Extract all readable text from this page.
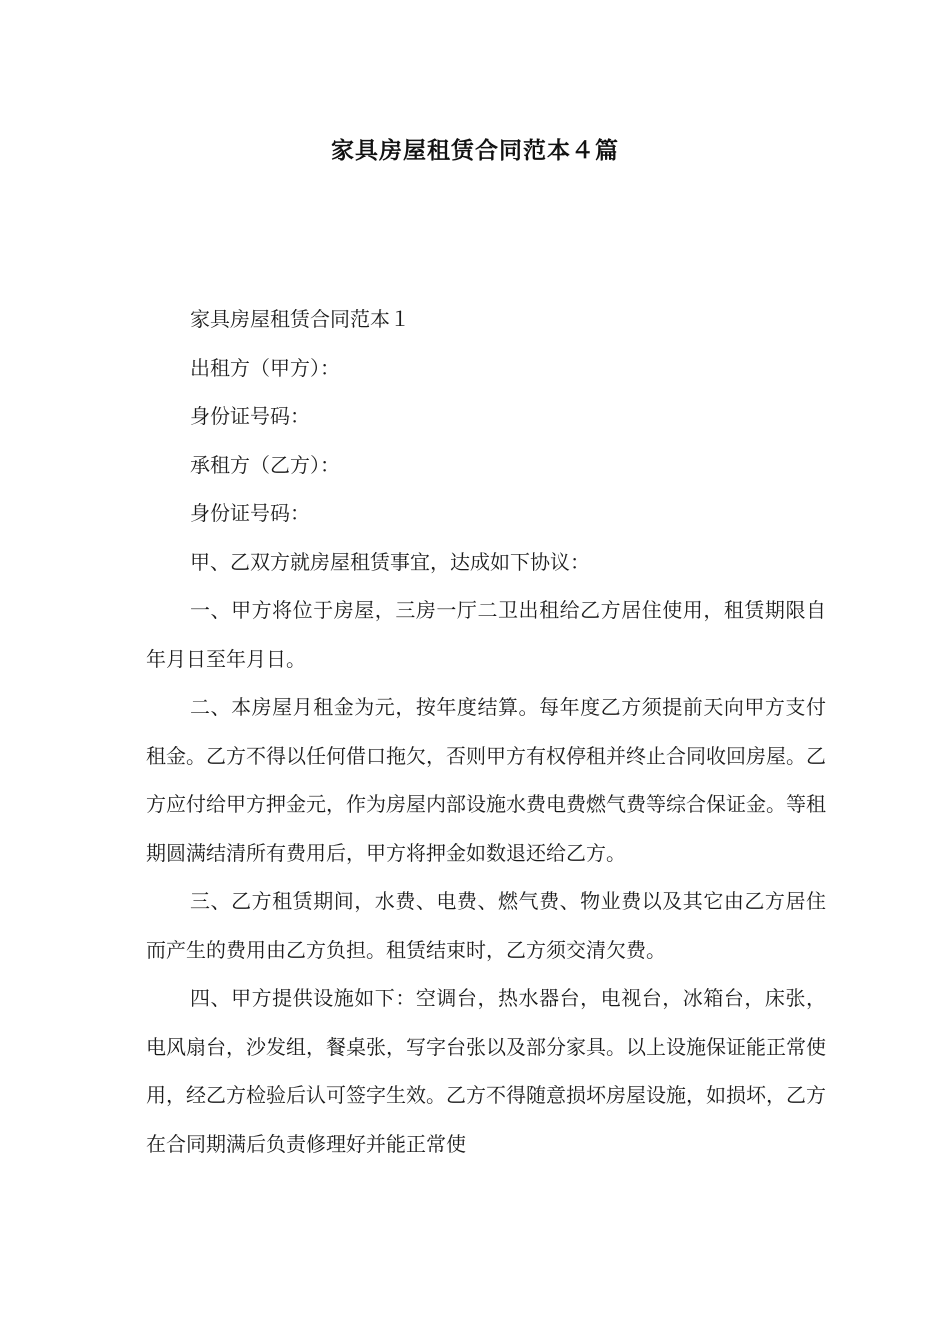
家具房屋租赁合同范本４篇

家具房屋租赁合同范本１

出租方（甲方）：

身份证号码：

承租方（乙方）：

身份证号码：

甲、乙双方就房屋租赁事宜，达成如下协议：

一、甲方将位于房屋，三房一厅二卫出租给乙方居住使用，租赁期限自年月日至年月日。

二、本房屋月租金为元，按年度结算。每年度乙方须提前天向甲方支付租金。乙方不得以任何借口拖欠，否则甲方有权停租并终止合同收回房屋。乙方应付给甲方押金元，作为房屋内部设施水费电费燃气费等综合保证金。等租期圆满结清所有费用后，甲方将押金如数退还给乙方。

三、乙方租赁期间，水费、电费、燃气费、物业费以及其它由乙方居住而产生的费用由乙方负担。租赁结束时，乙方须交清欠费。

四、甲方提供设施如下：空调台，热水器台，电视台，冰箱台，床张，电风扇台，沙发组，餐桌张，写字台张以及部分家具。以上设施保证能正常使用，经乙方检验后认可签字生效。乙方不得随意损坏房屋设施，如损坏，乙方在合同期满后负责修理好并能正常使
